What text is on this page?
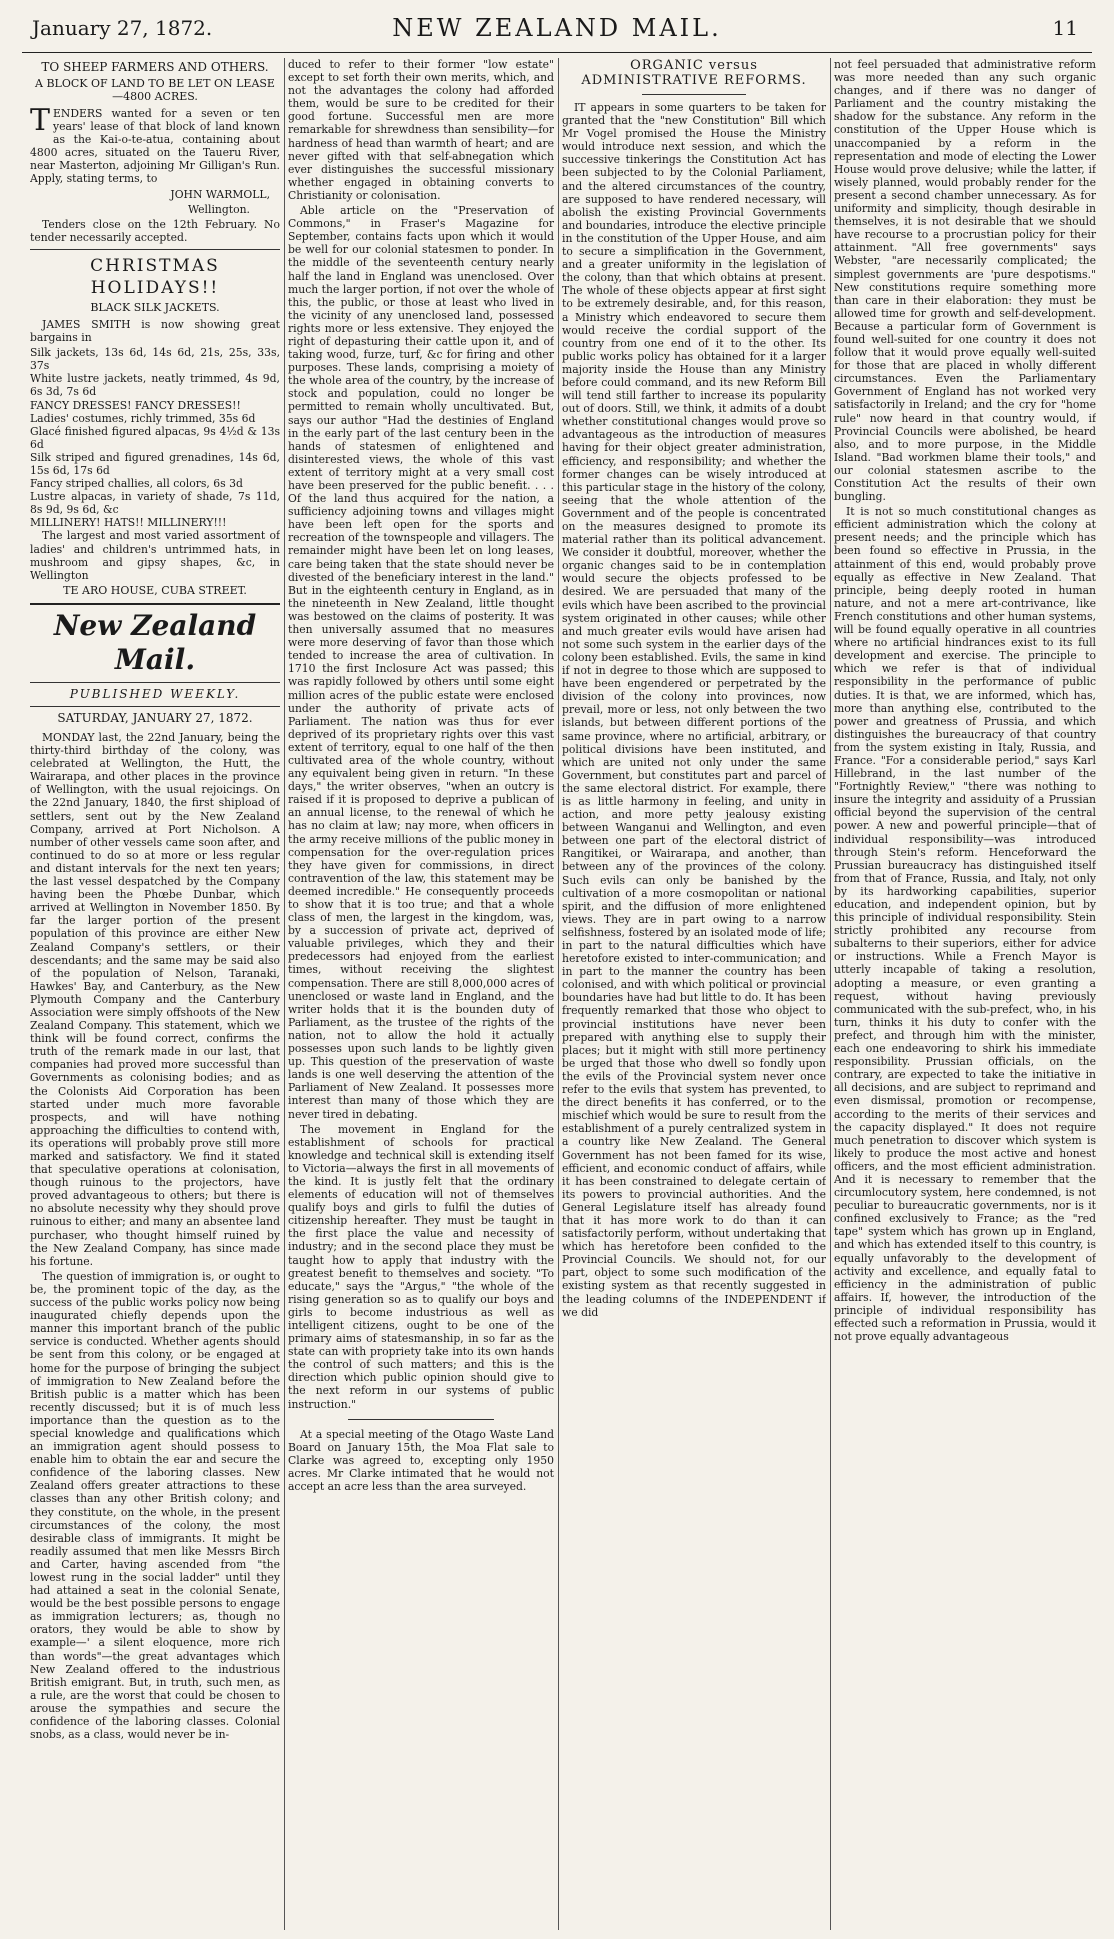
January 27, 1872.	NEW ZEALAND MAIL.	11
TO SHEEP FARMERS AND OTHERS.
A BLOCK OF LAND TO BE LET ON LEASE—4800 ACRES.

TENDERS wanted for a seven or ten years' lease of that block of land known as the Kai-o-te-atua, containing about 4800 acres, situated on the Taueru River, near Masterton, adjoining Mr Gilligan's Run. Apply, stating terms, to

JOHN WARMOLL,

Wellington.

Tenders close on the 12th February. No tender necessarily accepted.

CHRISTMAS HOLIDAYS!!
BLACK SILK JACKETS.

JAMES SMITH is now showing great bargains in

Silk jackets, 13s 6d, 14s 6d, 21s, 25s, 33s, 37s

White lustre jackets, neatly trimmed, 4s 9d, 6s 3d, 7s 6d

FANCY DRESSES! FANCY DRESSES!!

Ladies' costumes, richly trimmed, 35s 6d

Glacé finished figured alpacas, 9s 4½d & 13s 6d

Silk striped and figured grenadines, 14s 6d, 15s 6d, 17s 6d

Fancy striped challies, all colors, 6s 3d

Lustre alpacas, in variety of shade, 7s 11d, 8s 9d, 9s 6d, &c

MILLINERY! HATS!! MILLINERY!!!

The largest and most varied assortment of ladies' and children's untrimmed hats, in mushroom and gipsy shapes, &c, in Wellington

TE ARO HOUSE, CUBA STREET.
New Zealand Mail.
PUBLISHED WEEKLY.
SATURDAY, JANUARY 27, 1872.

MONDAY last, the 22nd January, being the thirty-third birthday of the colony, was celebrated at Wellington, the Hutt, the Wairarapa, and other places in the province of Wellington, with the usual rejoicings. On the 22nd January, 1840, the first shipload of settlers, sent out by the New Zealand Company, arrived at Port Nicholson. A number of other vessels came soon after, and continued to do so at more or less regular and distant intervals for the next ten years; the last vessel despatched by the Company having been the Phœbe Dunbar, which arrived at Wellington in November 1850. By far the larger portion of the present population of this province are either New Zealand Company's settlers, or their descendants; and the same may be said also of the population of Nelson, Taranaki, Hawkes' Bay, and Canterbury, as the New Plymouth Company and the Canterbury Association were simply offshoots of the New Zealand Company. This statement, which we think will be found correct, confirms the truth of the remark made in our last, that companies had proved more successful than Governments as colonising bodies; and as the Colonists Aid Corporation has been started under much more favorable prospects, and will have nothing approaching the difficulties to contend with, its operations will probably prove still more marked and satisfactory. We find it stated that speculative operations at colonisation, though ruinous to the projectors, have proved advantageous to others; but there is no absolute necessity why they should prove ruinous to either; and many an absentee land purchaser, who thought himself ruined by the New Zealand Company, has since made his fortune.

The question of immigration is, or ought to be, the prominent topic of the day, as the success of the public works policy now being inaugurated chiefly depends upon the manner this important branch of the public service is conducted. Whether agents should be sent from this colony, or be engaged at home for the purpose of bringing the subject of immigration to New Zealand before the British public is a matter which has been recently discussed; but it is of much less importance than the question as to the special knowledge and qualifications which an immigration agent should possess to enable him to obtain the ear and secure the confidence of the laboring classes. New Zealand offers greater attractions to these classes than any other British colony; and they constitute, on the whole, in the present circumstances of the colony, the most desirable class of immigrants. It might be readily assumed that men like Messrs Birch and Carter, having ascended from "the lowest rung in the social ladder" until they had attained a seat in the colonial Senate, would be the best possible persons to engage as immigration lecturers; as, though no orators, they would be able to show by example—' a silent eloquence, more rich than words"—the great advantages which New Zealand offered to the industrious British emigrant. But, in truth, such men, as a rule, are the worst that could be chosen to arouse the sympathies and secure the confidence of the laboring classes. Colonial snobs, as a class, would never be in-

duced to refer to their former "low estate" except to set forth their own merits, which, and not the advantages the colony had afforded them, would be sure to be credited for their good fortune. Successful men are more remarkable for shrewdness than sensibility—for hardness of head than warmth of heart; and are never gifted with that self-abnegation which ever distinguishes the successful missionary whether engaged in obtaining converts to Christianity or colonisation.

Able article on the "Preservation of Commons," in Fraser's Magazine for September, contains facts upon which it would be well for our colonial statesmen to ponder. In the middle of the seventeenth century nearly half the land in England was unenclosed. Over much the larger portion, if not over the whole of this, the public, or those at least who lived in the vicinity of any unenclosed land, possessed rights more or less extensive. They enjoyed the right of depasturing their cattle upon it, and of taking wood, furze, turf, &c for firing and other purposes. These lands, comprising a moiety of the whole area of the country, by the increase of stock and population, could no longer be permitted to remain wholly uncultivated. But, says our author "Had the destinies of England in the early part of the last century been in the hands of statesmen of enlightened and disinterested views, the whole of this vast extent of territory might at a very small cost have been preserved for the public benefit. . . . Of the land thus acquired for the nation, a sufficiency adjoining towns and villages might have been left open for the sports and recreation of the townspeople and villagers. The remainder might have been let on long leases, care being taken that the state should never be divested of the beneficiary interest in the land." But in the eighteenth century in England, as in the nineteenth in New Zealand, little thought was bestowed on the claims of posterity. It was then universally assumed that no measures were more deserving of favor than those which tended to increase the area of cultivation. In 1710 the first Inclosure Act was passed; this was rapidly followed by others until some eight million acres of the public estate were enclosed under the authority of private acts of Parliament. The nation was thus for ever deprived of its proprietary rights over this vast extent of territory, equal to one half of the then cultivated area of the whole country, without any equivalent being given in return. "In these days," the writer observes, "when an outcry is raised if it is proposed to deprive a publican of an annual license, to the renewal of which he has no claim at law; nay more, when officers in the army receive millions of the public money in compensation for the over-regulation prices they have given for commissions, in direct contravention of the law, this statement may be deemed incredible." He consequently proceeds to show that it is too true; and that a whole class of men, the largest in the kingdom, was, by a succession of private act, deprived of valuable privileges, which they and their predecessors had enjoyed from the earliest times, without receiving the slightest compensation. There are still 8,000,000 acres of unenclosed or waste land in England, and the writer holds that it is the bounden duty of Parliament, as the trustee of the rights of the nation, not to allow the hold it actually possesses upon such lands to be lightly given up. This question of the preservation of waste lands is one well deserving the attention of the Parliament of New Zealand. It possesses more interest than many of those which they are never tired in debating.

The movement in England for the establishment of schools for practical knowledge and technical skill is extending itself to Victoria—always the first in all movements of the kind. It is justly felt that the ordinary elements of education will not of themselves qualify boys and girls to fulfil the duties of citizenship hereafter. They must be taught in the first place the value and necessity of industry; and in the second place they must be taught how to apply that industry with the greatest benefit to themselves and society. "To educate," says the "Argus," "the whole of the rising generation so as to qualify our boys and girls to become industrious as well as intelligent citizens, ought to be one of the primary aims of statesmanship, in so far as the state can with propriety take into its own hands the control of such matters; and this is the direction which public opinion should give to the next reform in our systems of public instruction."

At a special meeting of the Otago Waste Land Board on January 15th, the Moa Flat sale to Clarke was agreed to, excepting only 1950 acres. Mr Clarke intimated that he would not accept an acre less than the area surveyed.

ORGANIC versus ADMINISTRATIVE REFORMS.

IT appears in some quarters to be taken for granted that the "new Constitution" Bill which Mr Vogel promised the House the Ministry would introduce next session, and which the successive tinkerings the Constitution Act has been subjected to by the Colonial Parliament, and the altered circumstances of the country, are supposed to have rendered necessary, will abolish the existing Provincial Governments and boundaries, introduce the elective principle in the constitution of the Upper House, and aim to secure a simplification in the Government, and a greater uniformity in the legislation of the colony, than that which obtains at present. The whole of these objects appear at first sight to be extremely desirable, and, for this reason, a Ministry which endeavored to secure them would receive the cordial support of the country from one end of it to the other. Its public works policy has obtained for it a larger majority inside the House than any Ministry before could command, and its new Reform Bill will tend still farther to increase its popularity out of doors. Still, we think, it admits of a doubt whether constitutional changes would prove so advantageous as the introduction of measures having for their object greater administration, efficiency, and responsibility; and whether the former changes can be wisely introduced at this particular stage in the history of the colony, seeing that the whole attention of the Government and of the people is concentrated on the measures designed to promote its material rather than its political advancement. We consider it doubtful, moreover, whether the organic changes said to be in contemplation would secure the objects professed to be desired. We are persuaded that many of the evils which have been ascribed to the provincial system originated in other causes; while other and much greater evils would have arisen had not some such system in the earlier days of the colony been established. Evils, the same in kind if not in degree to those which are supposed to have been engendered or perpetrated by the division of the colony into provinces, now prevail, more or less, not only between the two islands, but between different portions of the same province, where no artificial, arbitrary, or political divisions have been instituted, and which are united not only under the same Government, but constitutes part and parcel of the same electoral district. For example, there is as little harmony in feeling, and unity in action, and more petty jealousy existing between Wanganui and Wellington, and even between one part of the electoral district of Rangitikei, or Wairarapa, and another, than between any of the provinces of the colony. Such evils can only be banished by the cultivation of a more cosmopolitan or national spirit, and the diffusion of more enlightened views. They are in part owing to a narrow selfishness, fostered by an isolated mode of life; in part to the natural difficulties which have heretofore existed to inter-communication; and in part to the manner the country has been colonised, and with which political or provincial boundaries have had but little to do. It has been frequently remarked that those who object to provincial institutions have never been prepared with anything else to supply their places; but it might with still more pertinency be urged that those who dwell so fondly upon the evils of the Provincial system never once refer to the evils that system has prevented, to the direct benefits it has conferred, or to the mischief which would be sure to result from the establishment of a purely centralized system in a country like New Zealand. The General Government has not been famed for its wise, efficient, and economic conduct of affairs, while it has been constrained to delegate certain of its powers to provincial authorities. And the General Legislature itself has already found that it has more work to do than it can satisfactorily perform, without undertaking that which has heretofore been confided to the Provincial Councils. We should not, for our part, object to some such modification of the existing system as that recently suggested in the leading columns of the INDEPENDENT if we did

not feel persuaded that administrative reform was more needed than any such organic changes, and if there was no danger of Parliament and the country mistaking the shadow for the substance. Any reform in the constitution of the Upper House which is unaccompanied by a reform in the representation and mode of electing the Lower House would prove delusive; while the latter, if wisely planned, would probably render for the present a second chamber unnecessary. As for uniformity and simplicity, though desirable in themselves, it is not desirable that we should have recourse to a procrustian policy for their attainment. "All free governments" says Webster, "are necessarily complicated; the simplest governments are 'pure despotisms." New constitutions require something more than care in their elaboration: they must be allowed time for growth and self-development. Because a particular form of Government is found well-suited for one country it does not follow that it would prove equally well-suited for those that are placed in wholly different circumstances. Even the Parliamentary Government of England has not worked very satisfactorily in Ireland; and the cry for "home rule" now heard in that country would, if Provincial Councils were abolished, be heard also, and to more purpose, in the Middle Island. "Bad workmen blame their tools," and our colonial statesmen ascribe to the Constitution Act the results of their own bungling.

It is not so much constitutional changes as efficient administration which the colony at present needs; and the principle which has been found so effective in Prussia, in the attainment of this end, would probably prove equally as effective in New Zealand. That principle, being deeply rooted in human nature, and not a mere art-contrivance, like French constitutions and other human systems, will be found equally operative in all countries where no artificial hindrances exist to its full development and exercise. The principle to which we refer is that of individual responsibility in the performance of public duties. It is that, we are informed, which has, more than anything else, contributed to the power and greatness of Prussia, and which distinguishes the bureaucracy of that country from the system existing in Italy, Russia, and France. "For a considerable period," says Karl Hillebrand, in the last number of the "Fortnightly Review," "there was nothing to insure the integrity and assiduity of a Prussian official beyond the supervision of the central power. A new and powerful principle—that of individual responsibility—was introduced through Stein's reform. Henceforward the Prussian bureaucracy has distinguished itself from that of France, Russia, and Italy, not only by its hardworking capabilities, superior education, and independent opinion, but by this principle of individual responsibility. Stein strictly prohibited any recourse from subalterns to their superiors, either for advice or instructions. While a French Mayor is utterly incapable of taking a resolution, adopting a measure, or even granting a request, without having previously communicated with the sub-prefect, who, in his turn, thinks it his duty to confer with the prefect, and through him with the minister, each one endeavoring to shirk his immediate responsibility. Prussian officials, on the contrary, are expected to take the initiative in all decisions, and are subject to reprimand and even dismissal, promotion or recompense, according to the merits of their services and the capacity displayed." It does not require much penetration to discover which system is likely to produce the most active and honest officers, and the most efficient administration. And it is necessary to remember that the circumlocutory system, here condemned, is not peculiar to bureaucratic governments, nor is it confined exclusively to France; as the "red tape" system which has grown up in England, and which has extended itself to this country, is equally unfavorably to the development of activity and excellence, and equally fatal to efficiency in the administration of public affairs. If, however, the introduction of the principle of individual responsibility has effected such a reformation in Prussia, would it not prove equally advantageous
